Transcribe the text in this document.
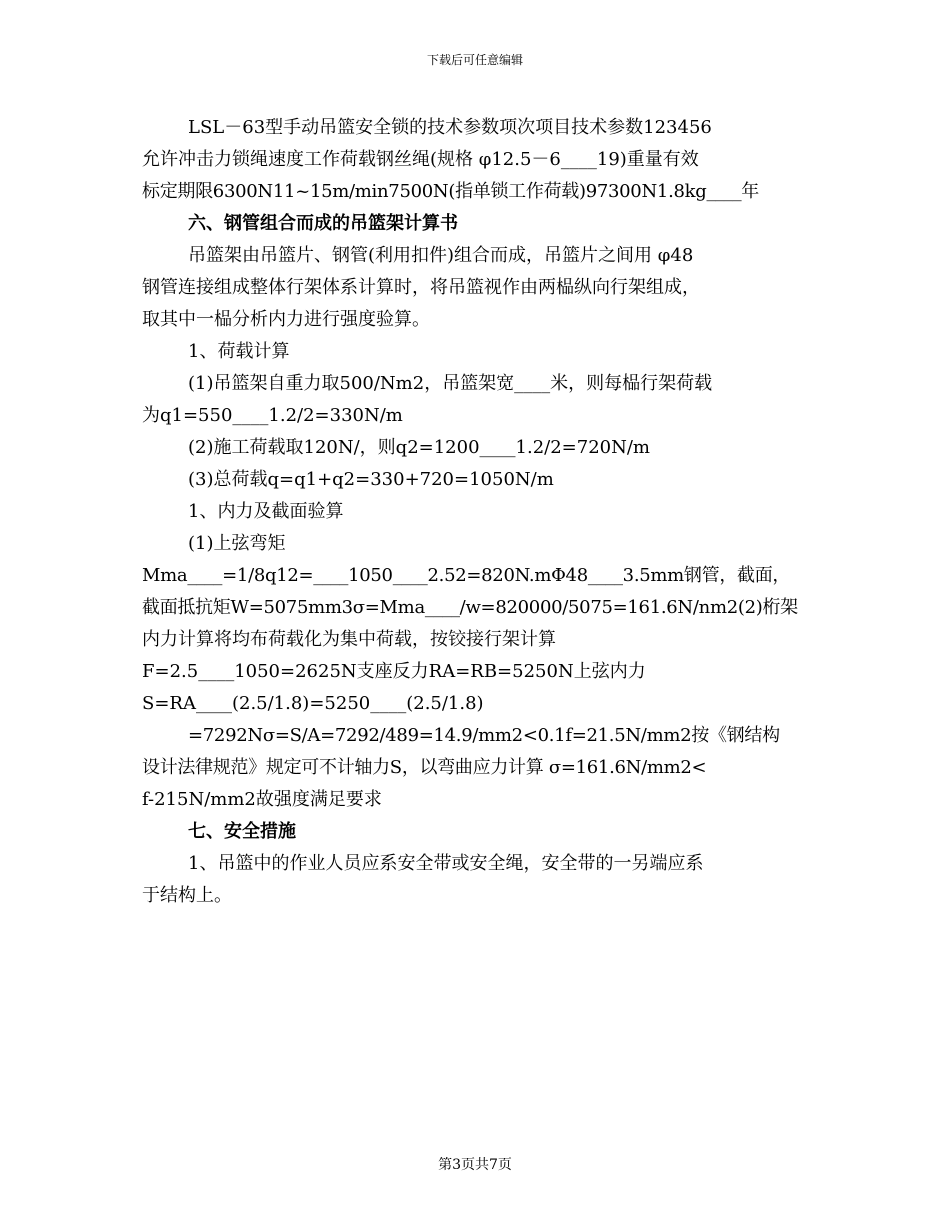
下载后可任意编辑

LSL－63型手动吊篮安全锁的技术参数项次项目技术参数123456

允许冲击力锁绳速度工作荷载钢丝绳(规格 φ12.5－6____19)重量有效

标定期限6300N11~15m/min7500N(指单锁工作荷载)97300N1.8kg____年

六、钢管组合而成的吊篮架计算书

吊篮架由吊篮片、钢管(利用扣件)组合而成，吊篮片之间用 φ48

钢管连接组成整体行架体系计算时，将吊篮视作由两榀纵向行架组成，

取其中一榀分析内力进行强度验算。

1、荷载计算

(1)吊篮架自重力取500/Nm2，吊篮架宽____米，则每榀行架荷载

为q1=550____1.2/2=330N/m

(2)施工荷载取120N/，则q2=1200____1.2/2=720N/m

(3)总荷载q=q1+q2=330+720=1050N/m

1、内力及截面验算

(1)上弦弯矩

Mma____=1/8q12=____1050____2.52=820N.mΦ48____3.5mm钢管，截面，

截面抵抗矩W=5075mm3σ=Mma____/w=820000/5075=161.6N/nm2(2)桁架

内力计算将均布荷载化为集中荷载，按铰接行架计算

F=2.5____1050=2625N支座反力RA=RB=5250N上弦内力

S=RA____(2.5/1.8)=5250____(2.5/1.8)

=7292Nσ=S/A=7292/489=14.9/mm2<0.1f=21.5N/mm2按《钢结构

设计法律规范》规定可不计轴力S，以弯曲应力计算 σ=161.6N/mm2<

f-215N/mm2故强度满足要求

七、安全措施

1、吊篮中的作业人员应系安全带或安全绳，安全带的一另端应系

于结构上。

第3页共7页
